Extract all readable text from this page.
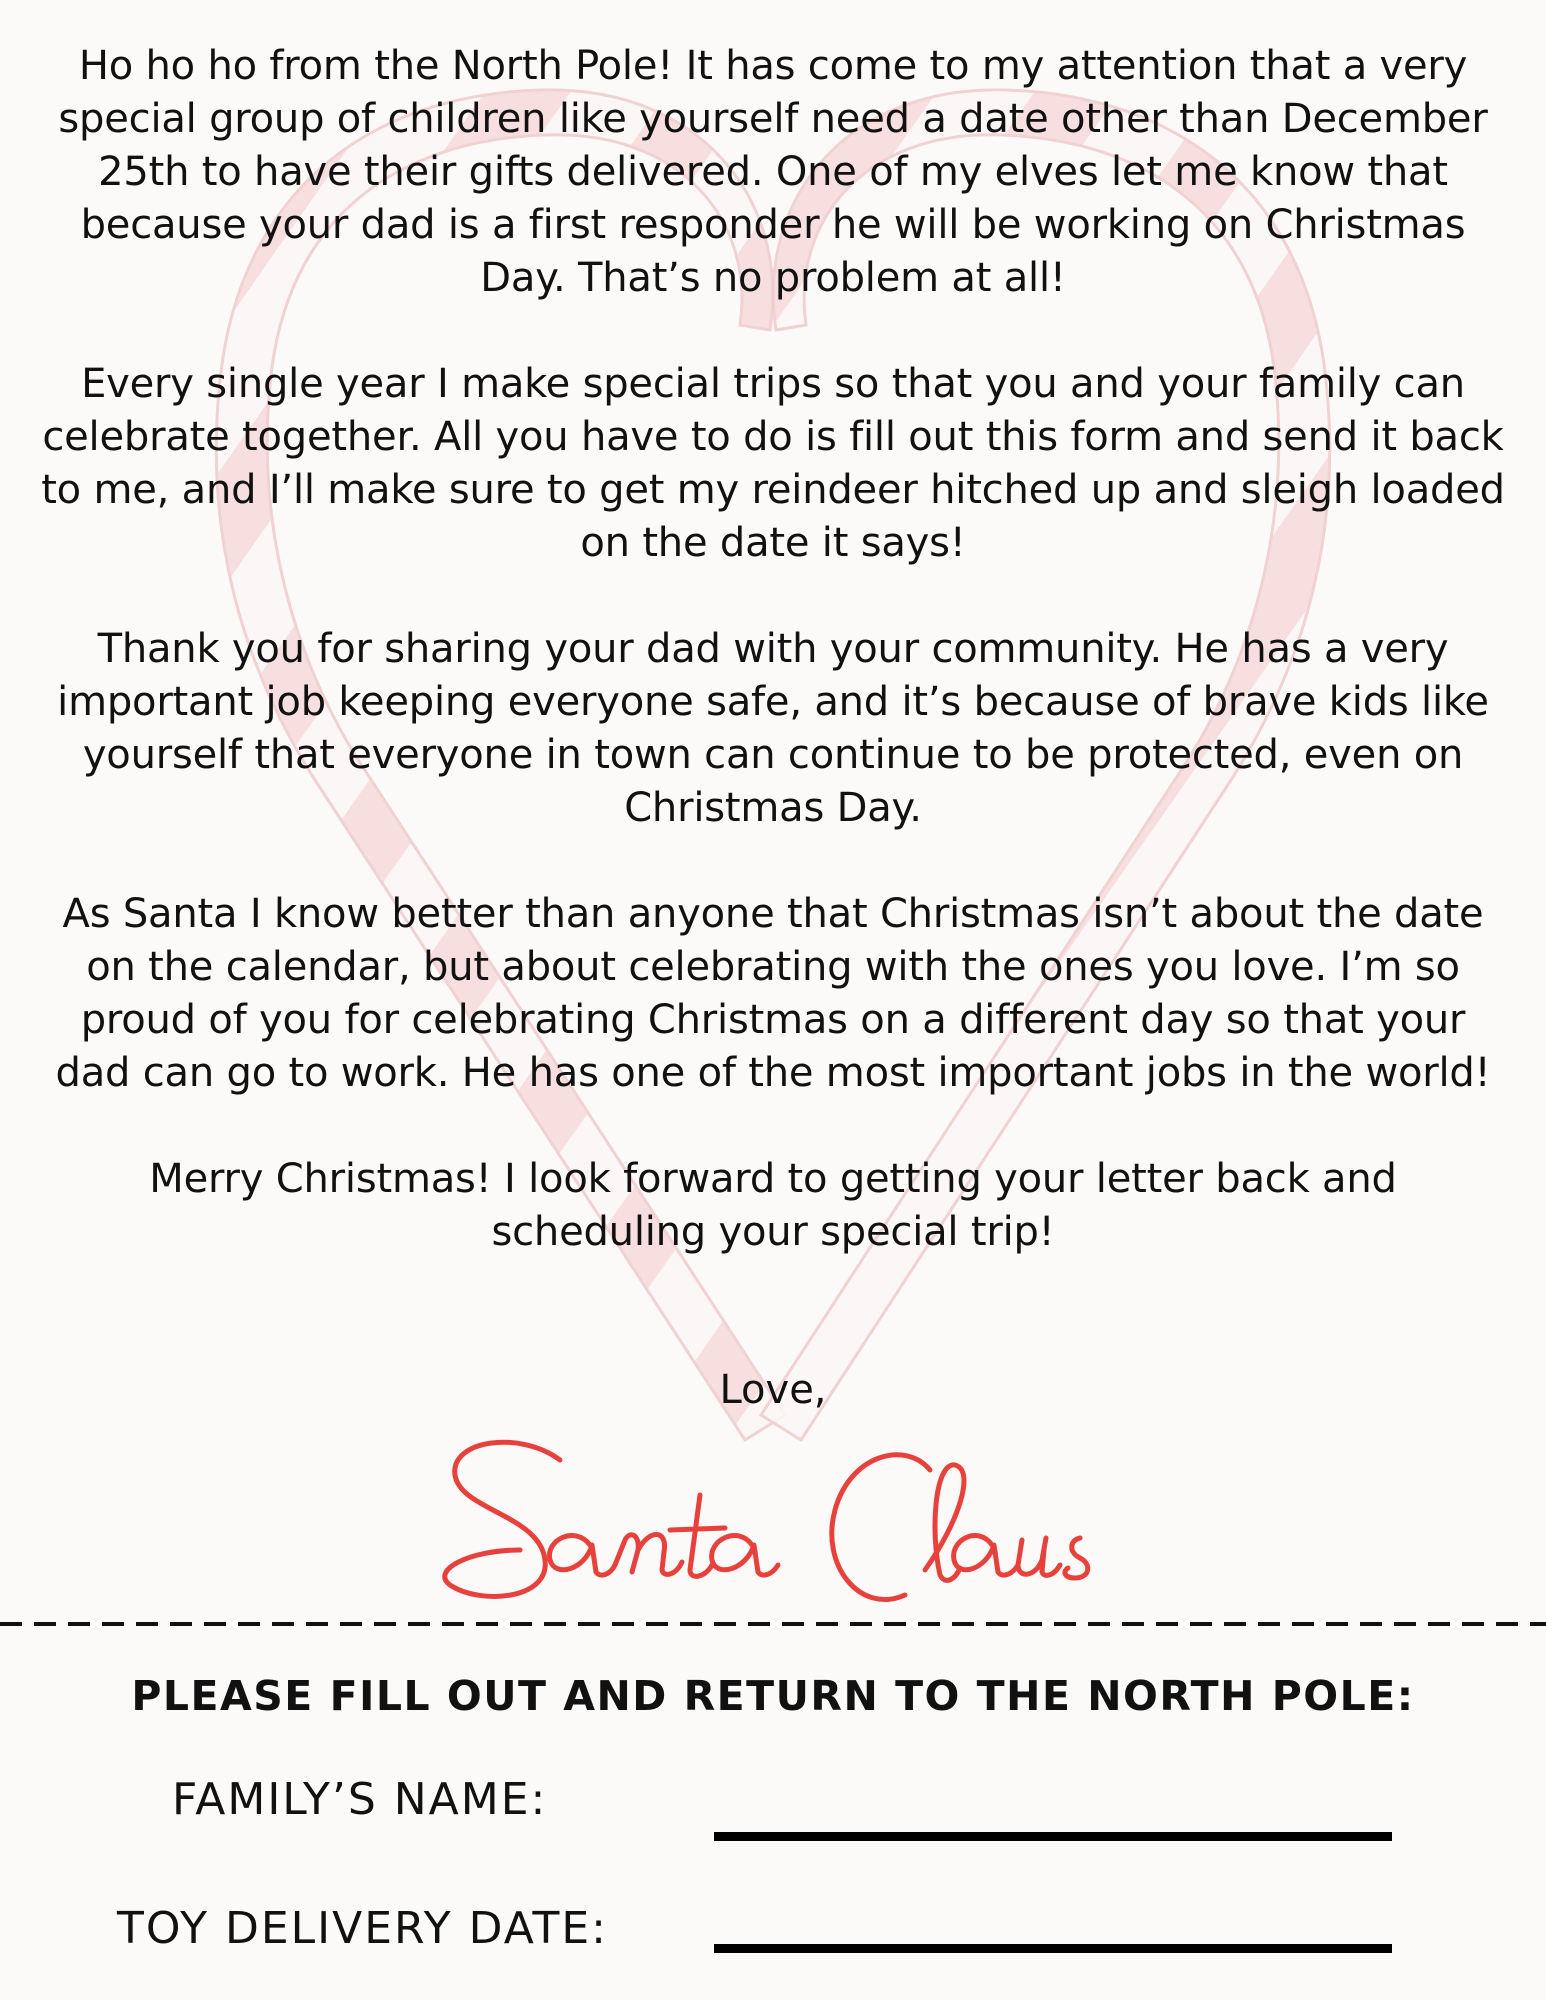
Ho ho ho from the North Pole! It has come to my attention that a very special group of children like yourself need a date other than December 25th to have their gifts delivered. One of my elves let me know that because your dad is a first responder he will be working on Christmas Day. That’s no problem at all!

Every single year I make special trips so that you and your family can celebrate together. All you have to do is fill out this form and send it back to me, and I’ll make sure to get my reindeer hitched up and sleigh loaded on the date it says!

Thank you for sharing your dad with your community. He has a very important job keeping everyone safe, and it’s because of brave kids like yourself that everyone in town can continue to be protected, even on Christmas Day.

As Santa I know better than anyone that Christmas isn’t about the date on the calendar, but about celebrating with the ones you love. I’m so proud of you for celebrating Christmas on a different day so that your dad can go to work. He has one of the most important jobs in the world!

Merry Christmas! I look forward to getting your letter back and scheduling your special trip!

Love,
PLEASE FILL OUT AND RETURN TO THE NORTH POLE:
FAMILY’S NAME:
TOY DELIVERY DATE:
